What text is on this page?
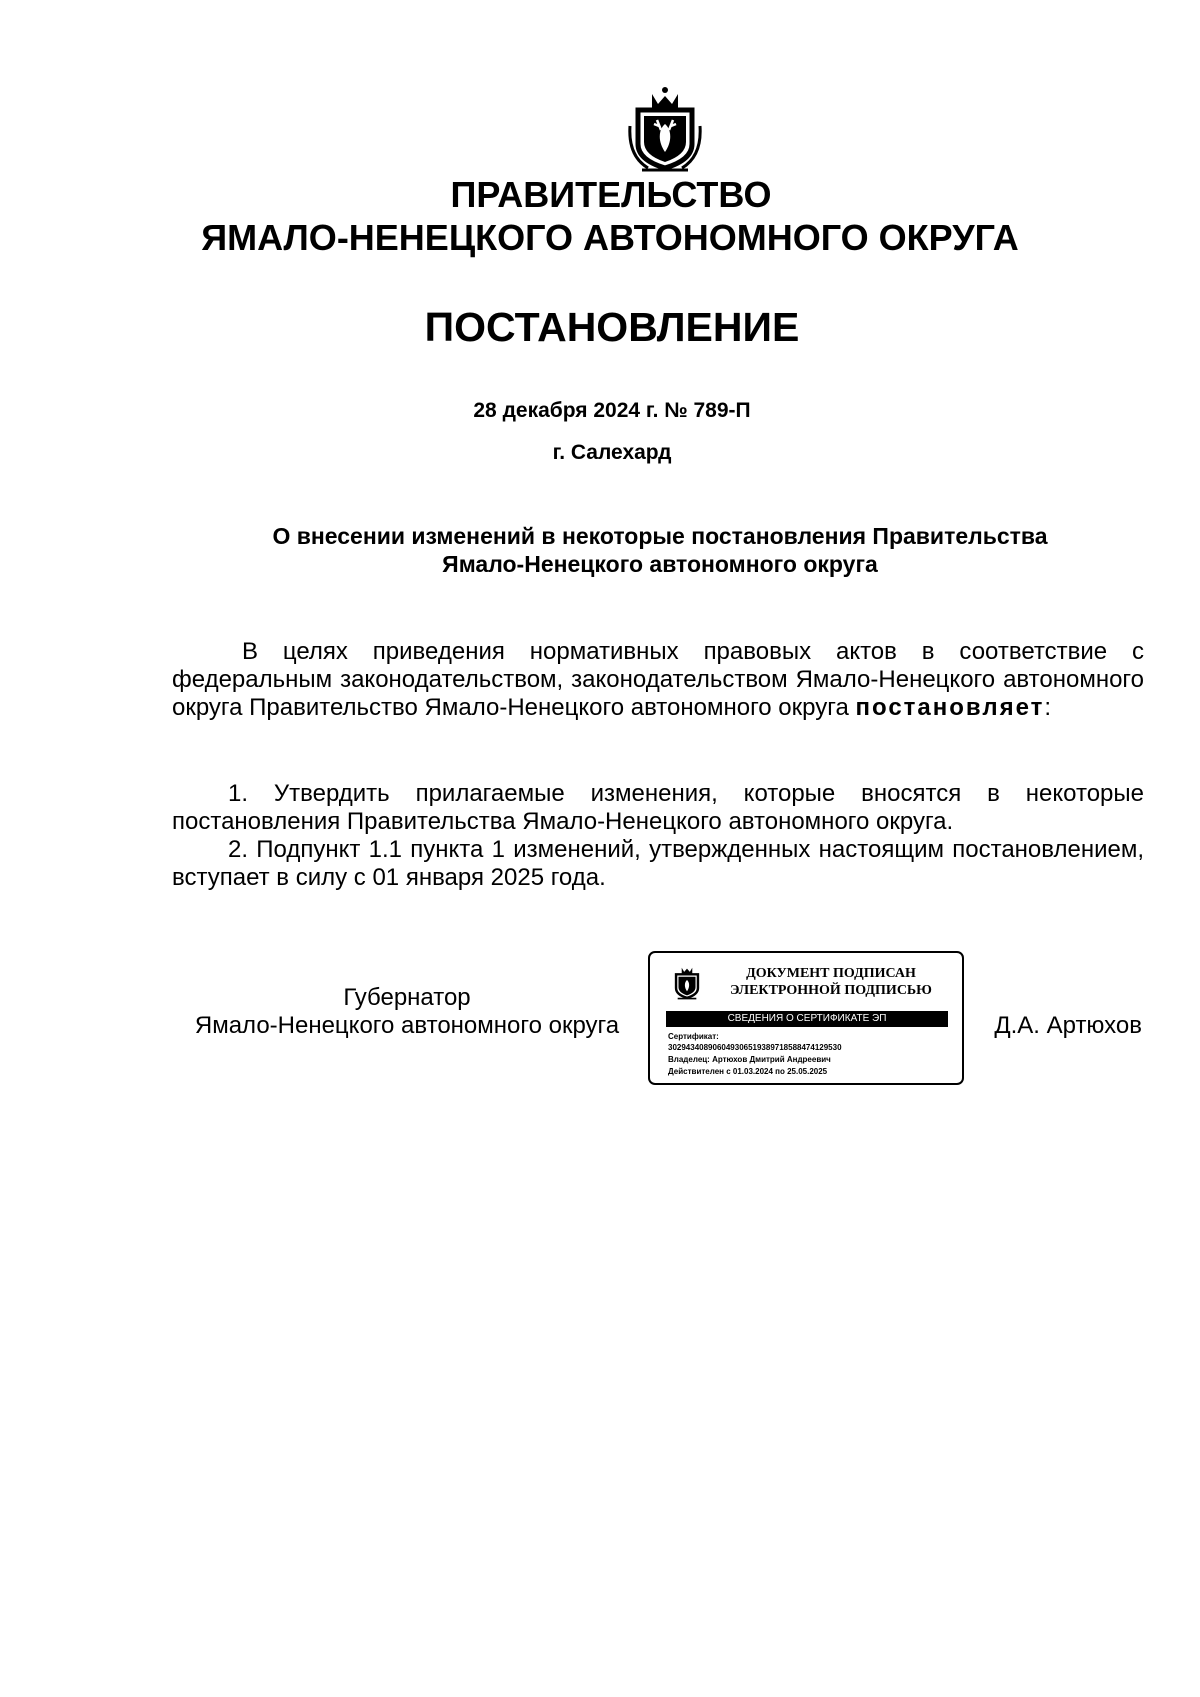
ПРАВИТЕЛЬСТВО
ЯМАЛО-НЕНЕЦКОГО АВТОНОМНОГО ОКРУГА
ПОСТАНОВЛЕНИЕ
28 декабря 2024 г. № 789-П
г. Салехард
О внесении изменений в некоторые постановления Правительства
Ямало-Ненецкого автономного округа
В целях приведения нормативных правовых актов в соответствие с федеральным законодательством, законодательством Ямало-Ненецкого автономного округа Правительство Ямало-Ненецкого автономного округа постановляет:
1. Утвердить прилагаемые изменения, которые вносятся в некоторые постановления Правительства Ямало-Ненецкого автономного округа.
2. Подпункт 1.1 пункта 1 изменений, утвержденных настоящим постановлением, вступает в силу с 01 января 2025 года.
Губернатор
Ямало-Ненецкого автономного округа
ДОКУМЕНТ ПОДПИСАН
ЭЛЕКТРОННОЙ ПОДПИСЬЮ
СВЕДЕНИЯ О СЕРТИФИКАТЕ ЭП
Сертификат:
302943408906049306519389718588474129530
Владелец: Артюхов Дмитрий Андреевич
Действителен с 01.03.2024 по 25.05.2025
Д.А. Артюхов
